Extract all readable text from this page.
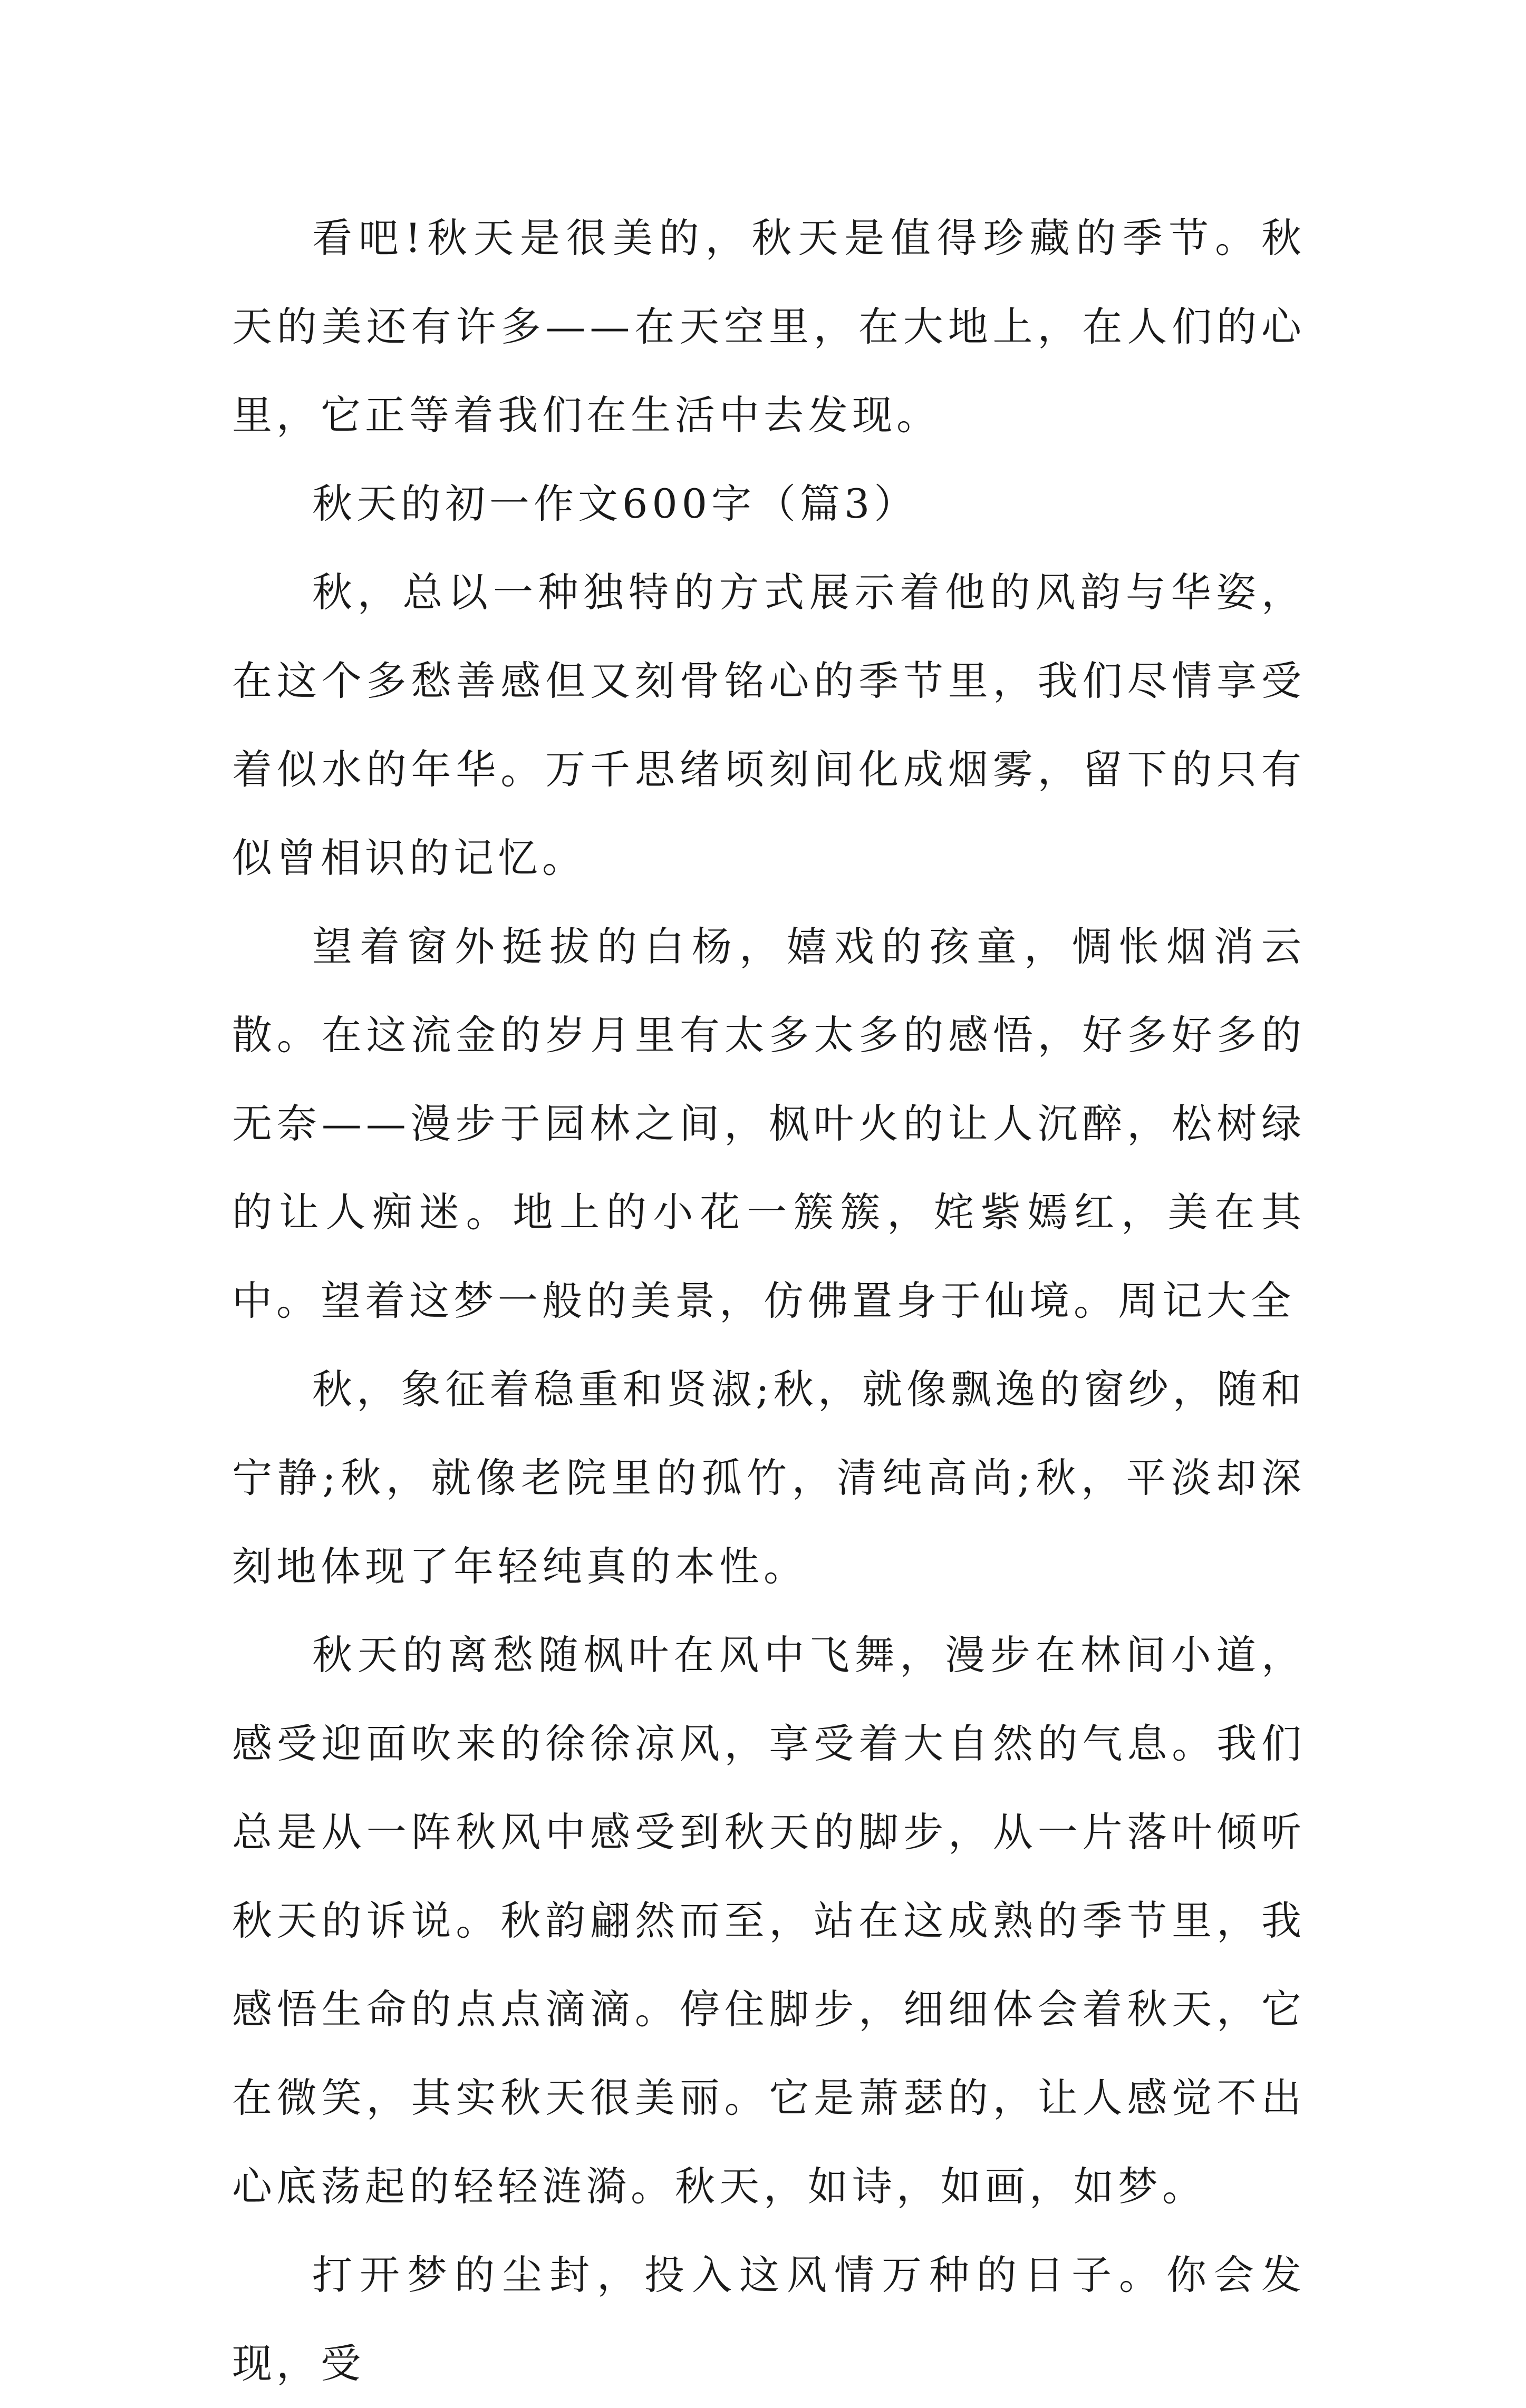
看吧!秋天是很美的，秋天是值得珍藏的季节。秋天的美还有许多——在天空里，在大地上，在人们的心里，它正等着我们在生活中去发现。

秋天的初一作文600字（篇3）

秋，总以一种独特的方式展示着他的风韵与华姿，在这个多愁善感但又刻骨铭心的季节里，我们尽情享受着似水的年华。万千思绪顷刻间化成烟雾，留下的只有似曾相识的记忆。

望着窗外挺拔的白杨，嬉戏的孩童，惆怅烟消云散。在这流金的岁月里有太多太多的感悟，好多好多的无奈——漫步于园林之间，枫叶火的让人沉醉，松树绿的让人痴迷。地上的小花一簇簇，姹紫嫣红，美在其中。望着这梦一般的美景，仿佛置身于仙境。周记大全

秋，象征着稳重和贤淑;秋，就像飘逸的窗纱，随和宁静;秋，就像老院里的孤竹，清纯高尚;秋，平淡却深刻地体现了年轻纯真的本性。

秋天的离愁随枫叶在风中飞舞，漫步在林间小道，感受迎面吹来的徐徐凉风，享受着大自然的气息。我们总是从一阵秋风中感受到秋天的脚步，从一片落叶倾听秋天的诉说。秋韵翩然而至，站在这成熟的季节里，我感悟生命的点点滴滴。停住脚步，细细体会着秋天，它在微笑，其实秋天很美丽。它是萧瑟的，让人感觉不出心底荡起的轻轻涟漪。秋天，如诗，如画，如梦。

打开梦的尘封，投入这风情万种的日子。你会发现，受
